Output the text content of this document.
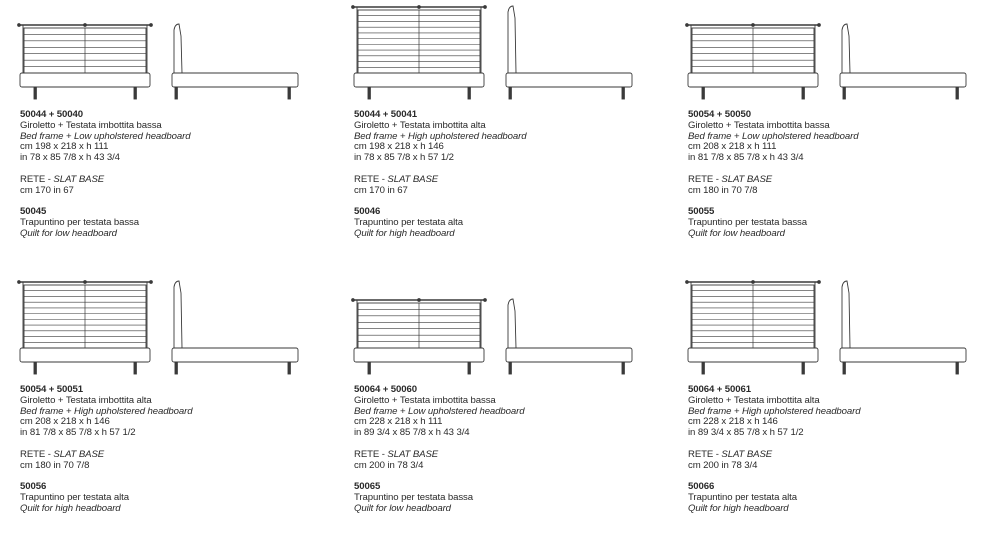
50044 + 50040
Giroletto + Testata imbottita bassa
Bed frame + Low upholstered headboard
cm 198 x 218 x h 111
in 78 x 85 7/8 x h 43 3/4
RETE - SLAT BASE
cm 170 in 67
50045
Trapuntino per testata bassa
Quilt for low headboard
50044 + 50041
Giroletto + Testata imbottita alta
Bed frame + High upholstered headboard
cm 198 x 218 x h 146
in 78 x 85 7/8 x h 57 1/2
RETE - SLAT BASE
cm 170 in 67
50046
Trapuntino per testata alta
Quilt for high headboard
50054 + 50050
Giroletto + Testata imbottita bassa
Bed frame + Low upholstered headboard
cm 208 x 218 x h 111
in 81 7/8 x 85 7/8 x h 43 3/4
RETE - SLAT BASE
cm 180 in 70 7/8
50055
Trapuntino per testata bassa
Quilt for low headboard
50054 + 50051
Giroletto + Testata imbottita alta
Bed frame + High upholstered headboard
cm 208 x 218 x h 146
in 81 7/8 x 85 7/8 x h 57 1/2
RETE - SLAT BASE
cm 180 in 70 7/8
50056
Trapuntino per testata alta
Quilt for high headboard
50064 + 50060
Giroletto + Testata imbottita bassa
Bed frame + Low upholstered headboard
cm 228 x 218 x h 111
in 89 3/4 x 85 7/8 x h 43 3/4
RETE - SLAT BASE
cm 200 in 78 3/4
50065
Trapuntino per testata bassa
Quilt for low headboard
50064 + 50061
Giroletto + Testata imbottita alta
Bed frame + High upholstered headboard
cm 228 x 218 x h 146
in 89 3/4 x 85 7/8 x h 57 1/2
RETE - SLAT BASE
cm 200 in 78 3/4
50066
Trapuntino per testata alta
Quilt for high headboard
